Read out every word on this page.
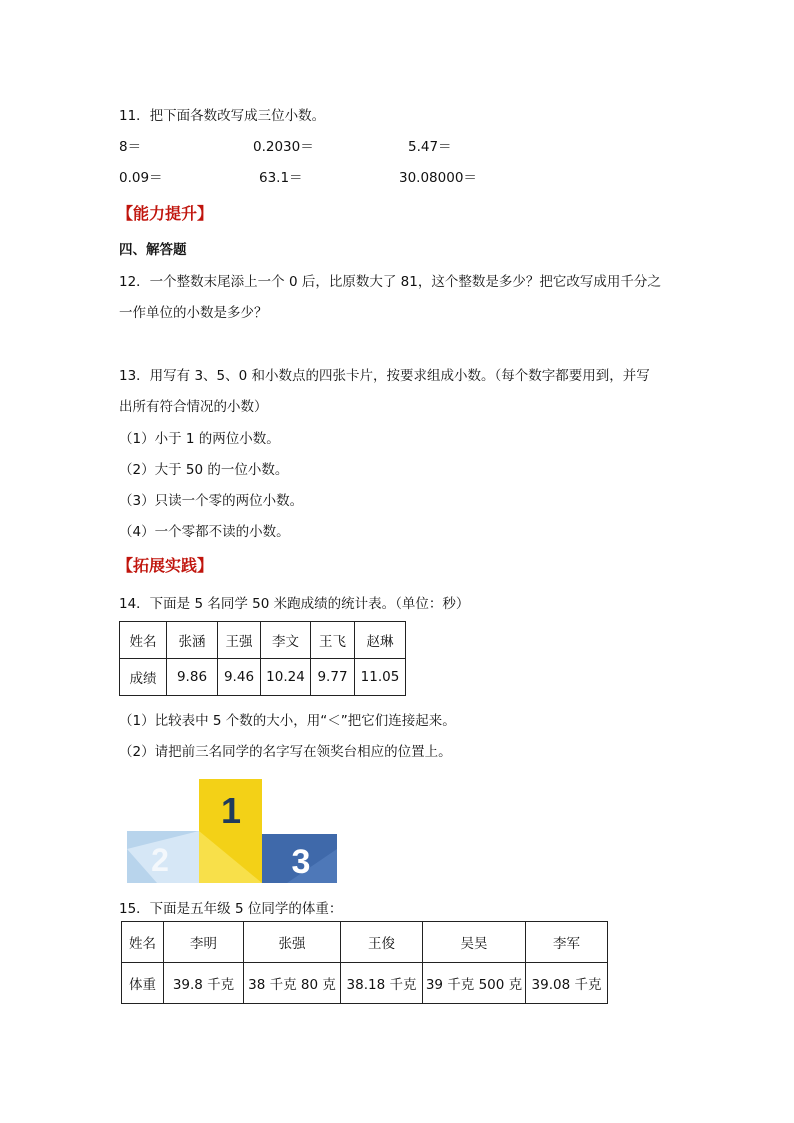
11．把下面各数改写成三位小数。
8＝	0.2030＝	5.47＝
0.09＝	63.1＝	30.08000＝
【能力提升】
四、解答题
12．一个整数末尾添上一个 0 后，比原数大了 81，这个整数是多少？把它改写成用千分之
一作单位的小数是多少？
13．用写有 3、5、0 和小数点的四张卡片，按要求组成小数。（每个数字都要用到，并写
出所有符合情况的小数）
（1）小于 1 的两位小数。
（2）大于 50 的一位小数。
（3）只读一个零的两位小数。
（4）一个零都不读的小数。
【拓展实践】
14．下面是 5 名同学 50 米跑成绩的统计表。（单位：秒）
姓名	张涵	王强	李文	王飞	赵琳
成绩	9.86	9.46	10.24	9.77	11.05
（1）比较表中 5 个数的大小，用“＜”把它们连接起来。
（2）请把前三名同学的名字写在领奖台相应的位置上。
2
1
3
15．下面是五年级 5 位同学的体重：
姓名	李明	张强	王俊	吴昊	李军
体重	39.8 千克	38 千克 80 克	38.18 千克	39 千克 500 克	39.08 千克
